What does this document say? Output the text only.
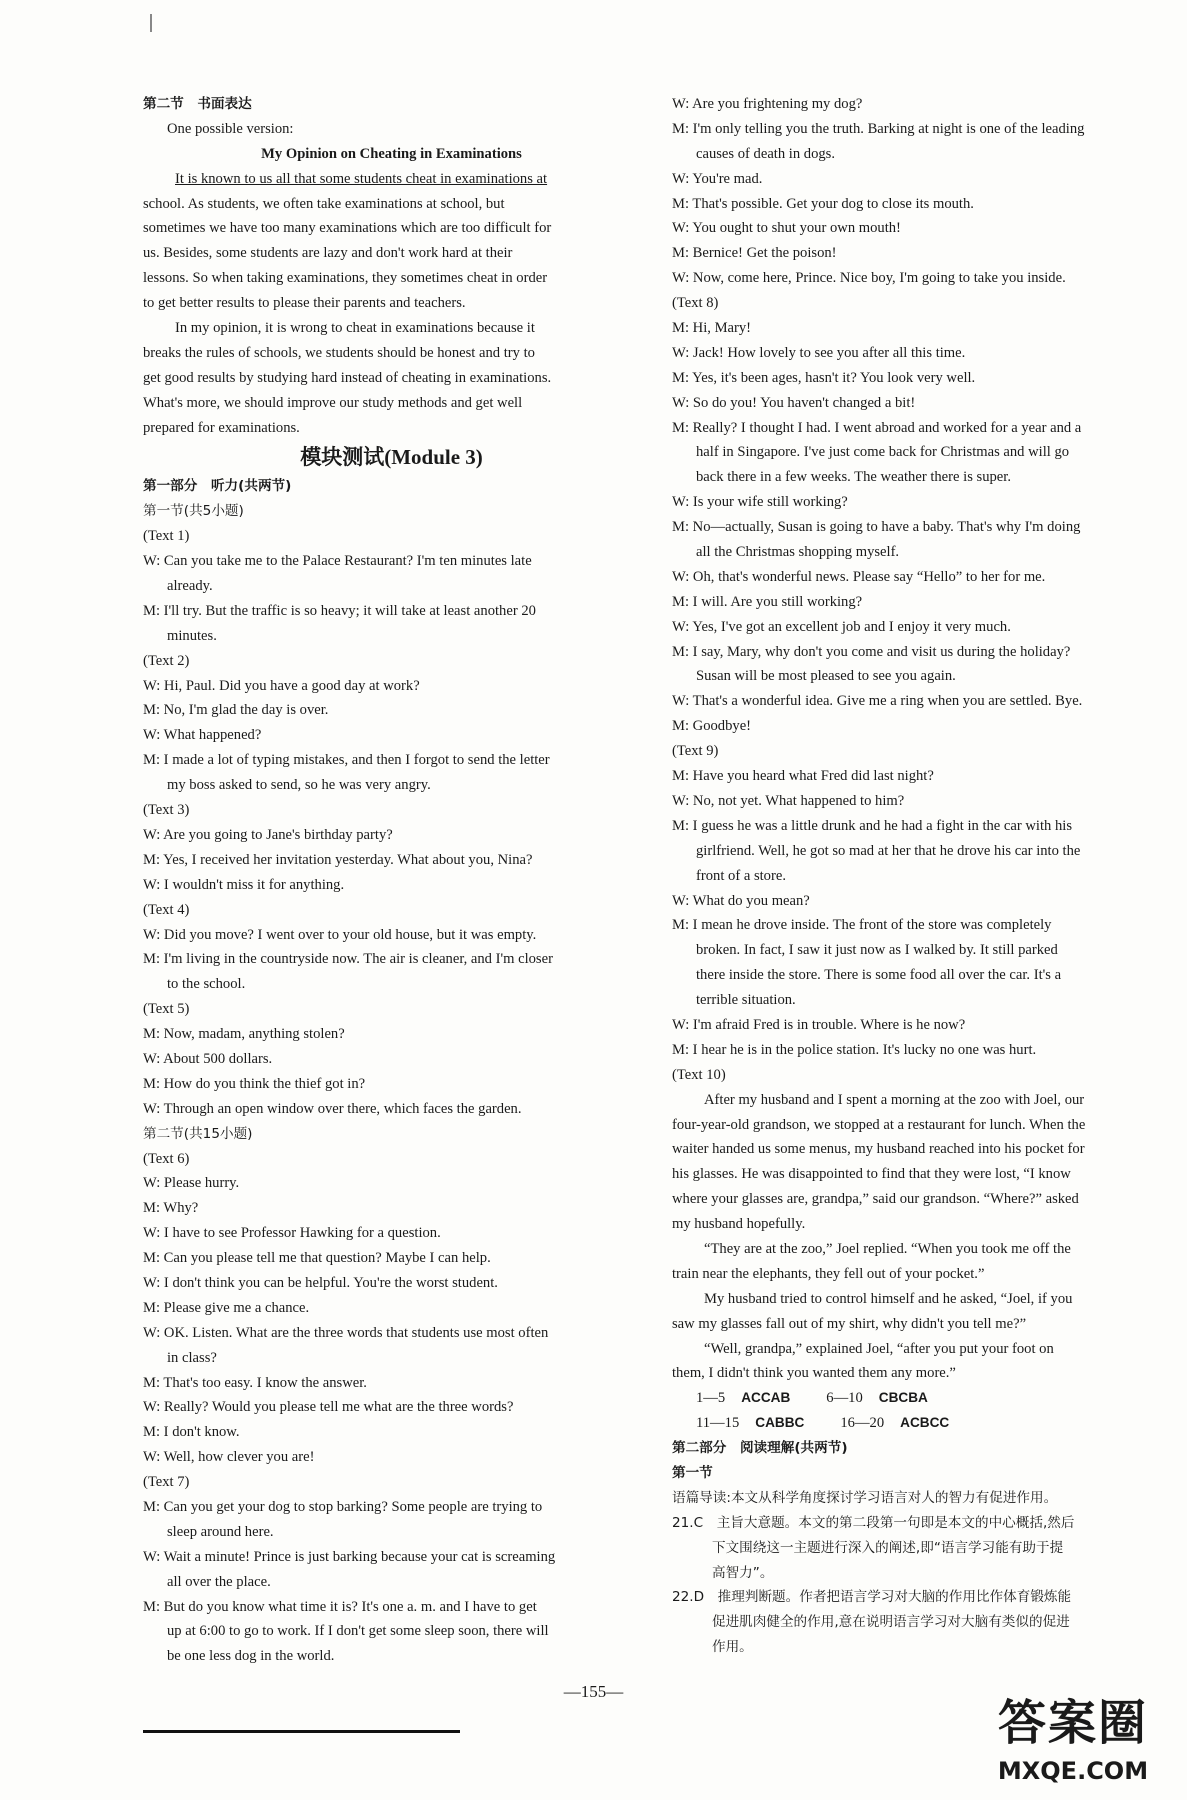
第二节　书面表达
One possible version:
My Opinion on Cheating in Examinations
It is known to us all that some students cheat in examinations at
school. As students, we often take examinations at school, but
sometimes we have too many examinations which are too difficult for
us. Besides, some students are lazy and don't work hard at their
lessons. So when taking examinations, they sometimes cheat in order
to get better results to please their parents and teachers.
In my opinion, it is wrong to cheat in examinations because it
breaks the rules of schools, we students should be honest and try to
get good results by studying hard instead of cheating in examinations.
What's more, we should improve our study methods and get well
prepared for examinations.
模块测试(Module 3)
第一部分　听力(共两节)
第一节(共5小题)
(Text 1)
W: Can you take me to the Palace Restaurant? I'm ten minutes late
already.
M: I'll try. But the traffic is so heavy; it will take at least another 20
minutes.
(Text 2)
W: Hi, Paul. Did you have a good day at work?
M: No, I'm glad the day is over.
W: What happened?
M: I made a lot of typing mistakes, and then I forgot to send the letter
my boss asked to send, so he was very angry.
(Text 3)
W: Are you going to Jane's birthday party?
M: Yes, I received her invitation yesterday. What about you, Nina?
W: I wouldn't miss it for anything.
(Text 4)
W: Did you move? I went over to your old house, but it was empty.
M: I'm living in the countryside now. The air is cleaner, and I'm closer
to the school.
(Text 5)
M: Now, madam, anything stolen?
W: About 500 dollars.
M: How do you think the thief got in?
W: Through an open window over there, which faces the garden.
第二节(共15小题)
(Text 6)
W: Please hurry.
M: Why?
W: I have to see Professor Hawking for a question.
M: Can you please tell me that question? Maybe I can help.
W: I don't think you can be helpful. You're the worst student.
M: Please give me a chance.
W: OK. Listen. What are the three words that students use most often
in class?
M: That's too easy. I know the answer.
W: Really? Would you please tell me what are the three words?
M: I don't know.
W: Well, how clever you are!
(Text 7)
M: Can you get your dog to stop barking? Some people are trying to
sleep around here.
W: Wait a minute! Prince is just barking because your cat is screaming
all over the place.
M: But do you know what time it is? It's one a. m. and I have to get
up at 6:00 to go to work. If I don't get some sleep soon, there will
be one less dog in the world.
W: Are you frightening my dog?
M: I'm only telling you the truth. Barking at night is one of the leading
causes of death in dogs.
W: You're mad.
M: That's possible. Get your dog to close its mouth.
W: You ought to shut your own mouth!
M: Bernice! Get the poison!
W: Now, come here, Prince. Nice boy, I'm going to take you inside.
(Text 8)
M: Hi, Mary!
W: Jack! How lovely to see you after all this time.
M: Yes, it's been ages, hasn't it? You look very well.
W: So do you! You haven't changed a bit!
M: Really? I thought I had. I went abroad and worked for a year and a
half in Singapore. I've just come back for Christmas and will go
back there in a few weeks. The weather there is super.
W: Is your wife still working?
M: No—actually, Susan is going to have a baby. That's why I'm doing
all the Christmas shopping myself.
W: Oh, that's wonderful news. Please say “Hello” to her for me.
M: I will. Are you still working?
W: Yes, I've got an excellent job and I enjoy it very much.
M: I say, Mary, why don't you come and visit us during the holiday?
Susan will be most pleased to see you again.
W: That's a wonderful idea. Give me a ring when you are settled. Bye.
M: Goodbye!
(Text 9)
M: Have you heard what Fred did last night?
W: No, not yet. What happened to him?
M: I guess he was a little drunk and he had a fight in the car with his
girlfriend. Well, he got so mad at her that he drove his car into the
front of a store.
W: What do you mean?
M: I mean he drove inside. The front of the store was completely
broken. In fact, I saw it just now as I walked by. It still parked
there inside the store. There is some food all over the car. It's a
terrible situation.
W: I'm afraid Fred is in trouble. Where is he now?
M: I hear he is in the police station. It's lucky no one was hurt.
(Text 10)
After my husband and I spent a morning at the zoo with Joel, our
four-year-old grandson, we stopped at a restaurant for lunch. When the
waiter handed us some menus, my husband reached into his pocket for
his glasses. He was disappointed to find that they were lost, “I know
where your glasses are, grandpa,” said our grandson. “Where?” asked
my husband hopefully.
“They are at the zoo,” Joel replied. “When you took me off the
train near the elephants, they fell out of your pocket.”
My husband tried to control himself and he asked, “Joel, if you
saw my glasses fall out of my shirt, why didn't you tell me?”
“Well, grandpa,” explained Joel, “after you put your foot on
them, I didn't think you wanted them any more.”
1—5 ACCAB 6—10 CBCBA
11—15 CABBC 16—20 ACBCC
第二部分　阅读理解(共两节)
第一节
语篇导读:本文从科学角度探讨学习语言对人的智力有促进作用。
21.C　主旨大意题。本文的第二段第一句即是本文的中心概括,然后
下文围绕这一主题进行深入的阐述,即“语言学习能有助于提
高智力”。
22.D　推理判断题。作者把语言学习对大脑的作用比作体育锻炼能
促进肌肉健全的作用,意在说明语言学习对大脑有类似的促进
作用。
—155—
答案圈
MXQE.COM
